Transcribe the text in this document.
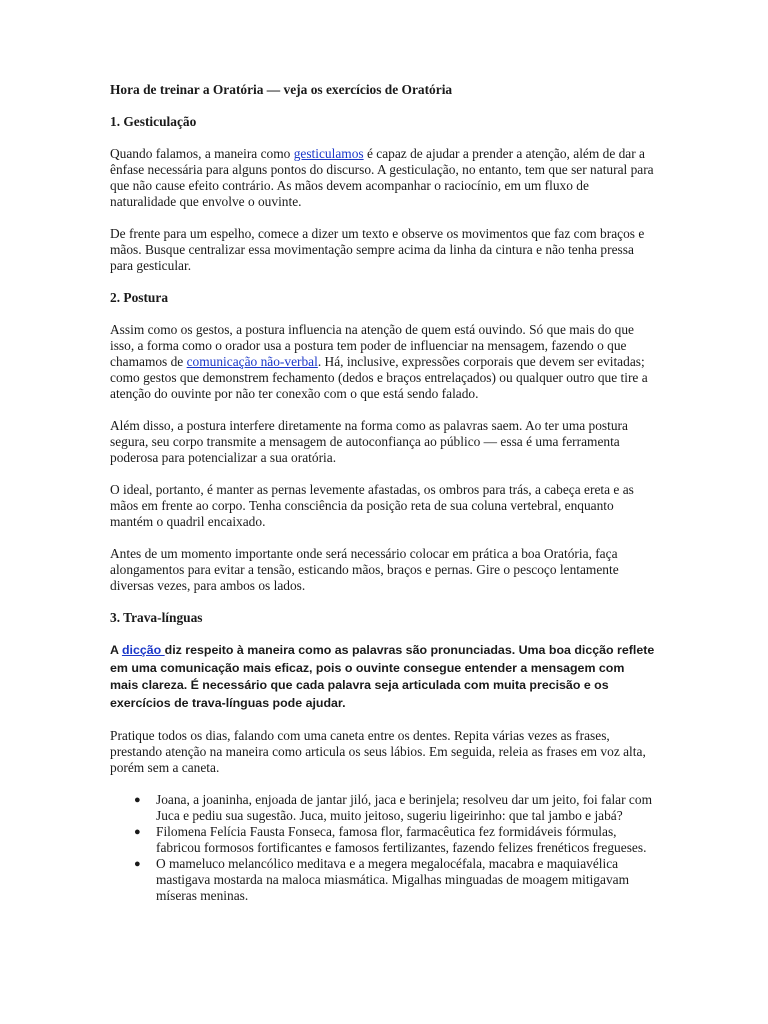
Hora de treinar a Oratória — veja os exercícios de Oratória
1. Gesticulação

Quando falamos, a maneira como gesticulamos é capaz de ajudar a prender a atenção, além de dar a ênfase necessária para alguns pontos do discurso. A gesticulação, no entanto, tem que ser natural para que não cause efeito contrário. As mãos devem acompanhar o raciocínio, em um fluxo de naturalidade que envolve o ouvinte.

De frente para um espelho, comece a dizer um texto e observe os movimentos que faz com braços e mãos. Busque centralizar essa movimentação sempre acima da linha da cintura e não tenha pressa para gesticular.

2. Postura

Assim como os gestos, a postura influencia na atenção de quem está ouvindo. Só que mais do que isso, a forma como o orador usa a postura tem poder de influenciar na mensagem, fazendo o que chamamos de comunicação não-verbal. Há, inclusive, expressões corporais que devem ser evitadas; como gestos que demonstrem fechamento (dedos e braços entrelaçados) ou qualquer outro que tire a atenção do ouvinte por não ter conexão com o que está sendo falado.

Além disso, a postura interfere diretamente na forma como as palavras saem. Ao ter uma postura segura, seu corpo transmite a mensagem de autoconfiança ao público — essa é uma ferramenta poderosa para potencializar a sua oratória.

O ideal, portanto, é manter as pernas levemente afastadas, os ombros para trás, a cabeça ereta e as mãos em frente ao corpo. Tenha consciência da posição reta de sua coluna vertebral, enquanto mantém o quadril encaixado.

Antes de um momento importante onde será necessário colocar em prática a boa Oratória, faça alongamentos para evitar a tensão, esticando mãos, braços e pernas. Gire o pescoço lentamente diversas vezes, para ambos os lados.

3. Trava-línguas

A dicção diz respeito à maneira como as palavras são pronunciadas. Uma boa dicção reflete em uma comunicação mais eficaz, pois o ouvinte consegue entender a mensagem com mais clareza. É necessário que cada palavra seja articulada com muita precisão e os exercícios de trava-línguas pode ajudar.

Pratique todos os dias, falando com uma caneta entre os dentes. Repita várias vezes as frases, prestando atenção na maneira como articula os seus lábios. Em seguida, releia as frases em voz alta, porém sem a caneta.

● Joana, a joaninha, enjoada de jantar jiló, jaca e berinjela; resolveu dar um jeito, foi falar com Juca e pediu sua sugestão. Juca, muito jeitoso, sugeriu ligeirinho: que tal jambo e jabá?
● Filomena Felícia Fausta Fonseca, famosa flor, farmacêutica fez formidáveis fórmulas, fabricou formosos fortificantes e famosos fertilizantes, fazendo felizes frenéticos fregueses.
● O mameluco melancólico meditava e a megera megalocéfala, macabra e maquiavélica mastigava mostarda na maloca miasmática. Migalhas minguadas de moagem mitigavam míseras meninas.
